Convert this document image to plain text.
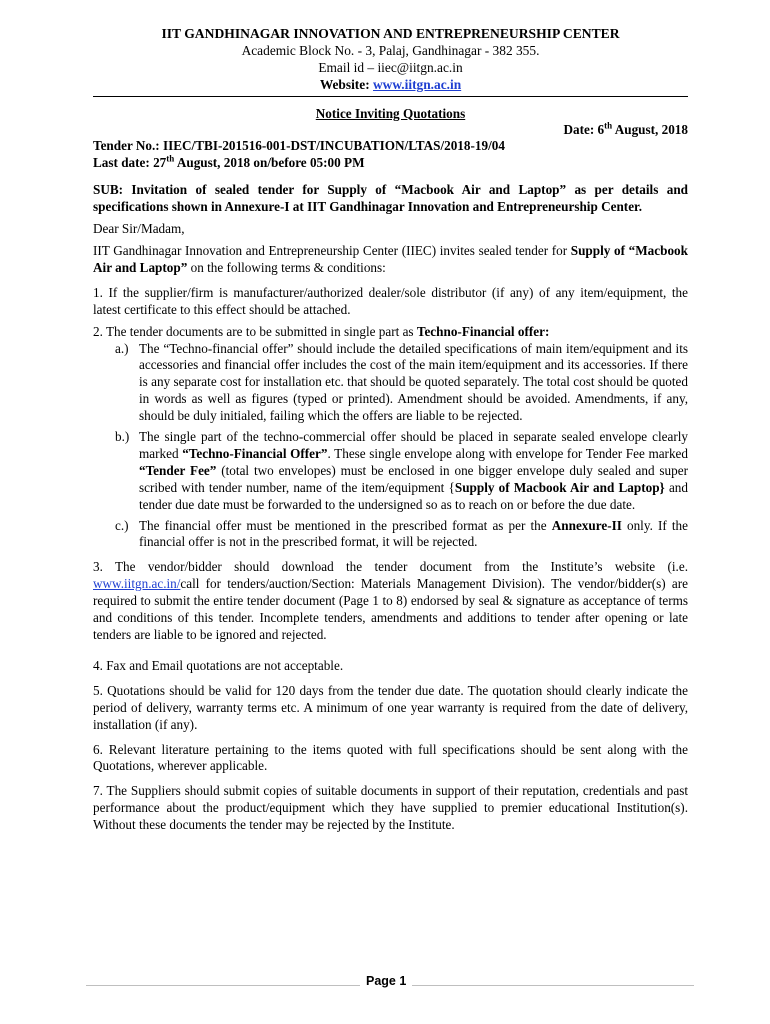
IIT GANDHINAGAR INNOVATION AND ENTREPRENEURSHIP CENTER
Academic Block No. - 3, Palaj, Gandhinagar - 382 355.
Email id – iiec@iitgn.ac.in
Website: www.iitgn.ac.in
Notice Inviting Quotations
Date: 6th August, 2018
Tender No.: IIEC/TBI-201516-001-DST/INCUBATION/LTAS/2018-19/04
Last date: 27th August, 2018 on/before 05:00 PM

SUB: Invitation of sealed tender for Supply of “Macbook Air and Laptop” as per details and specifications shown in Annexure-I at IIT Gandhinagar Innovation and Entrepreneurship Center.

Dear Sir/Madam,

IIT Gandhinagar Innovation and Entrepreneurship Center (IIEC) invites sealed tender for Supply of “Macbook Air and Laptop” on the following terms & conditions:

1. If the supplier/firm is manufacturer/authorized dealer/sole distributor (if any) of any item/equipment, the latest certificate to this effect should be attached.

2. The tender documents are to be submitted in single part as Techno-Financial offer:

a.) The “Techno-financial offer” should include the detailed specifications of main item/equipment and its accessories and financial offer includes the cost of the main item/equipment and its accessories. If there is any separate cost for installation etc. that should be quoted separately. The total cost should be quoted in words as well as figures (typed or printed). Amendment should be avoided. Amendments, if any, should be duly initialed, failing which the offers are liable to be rejected.
b.) The single part of the techno-commercial offer should be placed in separate sealed envelope clearly marked “Techno-Financial Offer”. These single envelope along with envelope for Tender Fee marked “Tender Fee” (total two envelopes) must be enclosed in one bigger envelope duly sealed and super scribed with tender number, name of the item/equipment {Supply of Macbook Air and Laptop} and tender due date must be forwarded to the undersigned so as to reach on or before the due date.
c.) The financial offer must be mentioned in the prescribed format as per the Annexure-II only. If the financial offer is not in the prescribed format, it will be rejected.

3. The vendor/bidder should download the tender document from the Institute’s website (i.e. www.iitgn.ac.in/call for tenders/auction/Section: Materials Management Division). The vendor/bidder(s) are required to submit the entire tender document (Page 1 to 8) endorsed by seal & signature as acceptance of terms and conditions of this tender. Incomplete tenders, amendments and additions to tender after opening or late tenders are liable to be ignored and rejected.

4. Fax and Email quotations are not acceptable.

5. Quotations should be valid for 120 days from the tender due date. The quotation should clearly indicate the period of delivery, warranty terms etc. A minimum of one year warranty is required from the date of delivery, installation (if any).

6. Relevant literature pertaining to the items quoted with full specifications should be sent along with the Quotations, wherever applicable.

7. The Suppliers should submit copies of suitable documents in support of their reputation, credentials and past performance about the product/equipment which they have supplied to premier educational Institution(s). Without these documents the tender may be rejected by the Institute.

Page 1
